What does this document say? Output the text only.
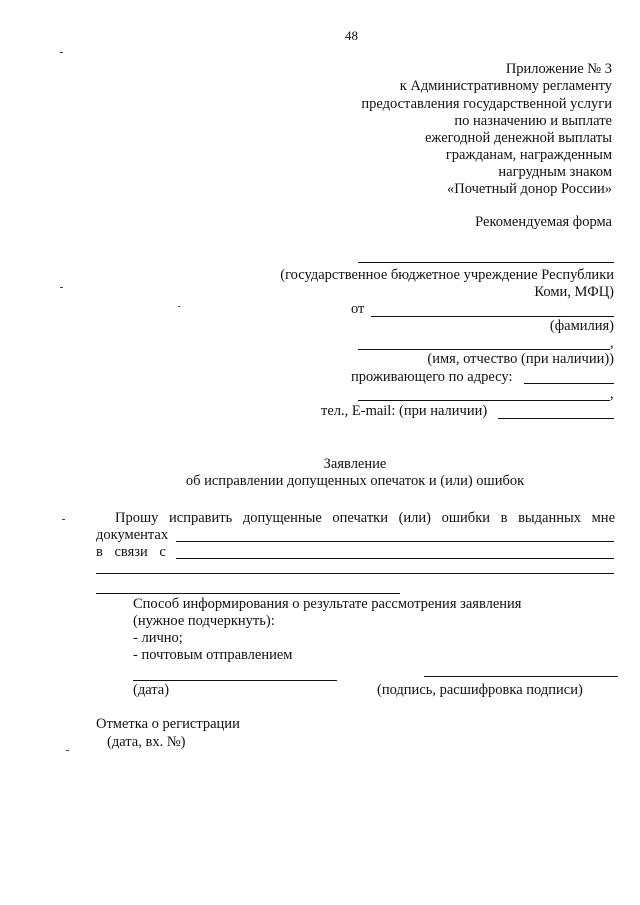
48
Приложение № 3
к Административному регламенту
предоставления государственной услуги
по назначению и выплате
ежегодной денежной выплаты
гражданам, награжденным
нагрудным знаком
«Почетный донор России»
Рекомендуемая форма
(государственное бюджетное учреждение Республики
Коми, МФЦ)
от
(фамилия)
,
(имя, отчество (при наличии))
проживающего по адресу:
,
тел., E-mail: (при наличии)
Заявление
об исправлении допущенных опечаток и (или) ошибок
Прошу исправить допущенные опечатки (или) ошибки в выданных мне
документах
в связи с
Способ информирования о результате рассмотрения заявления
(нужное подчеркнуть):
- лично;
- почтовым отправлением
(дата)	(подпись, расшифровка подписи)
Отметка о регистрации
(дата, вх. №)
